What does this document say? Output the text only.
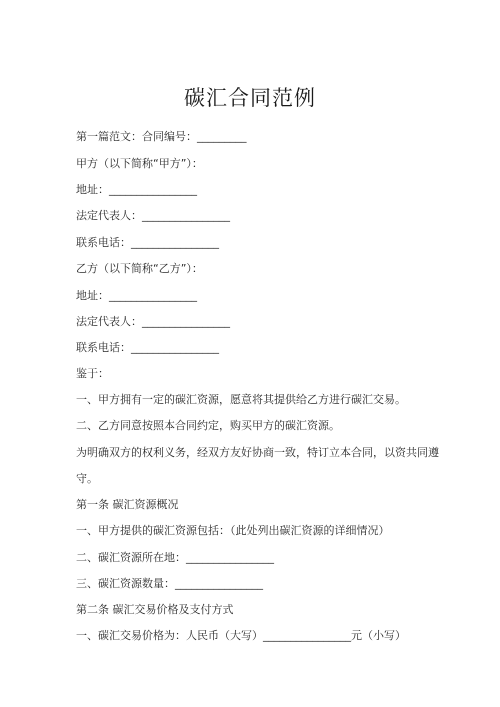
碳汇合同范例
第一篇范文：合同编号：_________
甲方（以下简称“甲方”）：
地址：________________
法定代表人：________________
联系电话：________________
乙方（以下简称“乙方”）：
地址：________________
法定代表人：________________
联系电话：________________
鉴于：
一、甲方拥有一定的碳汇资源，愿意将其提供给乙方进行碳汇交易。
二、乙方同意按照本合同约定，购买甲方的碳汇资源。
为明确双方的权利义务，经双方友好协商一致，特订立本合同，以资共同遵
守。
第一条 碳汇资源概况
一、甲方提供的碳汇资源包括：（此处列出碳汇资源的详细情况）
二、碳汇资源所在地：________________
三、碳汇资源数量：________________
第二条 碳汇交易价格及支付方式
一、碳汇交易价格为：人民币（大写）________________元（小写）
